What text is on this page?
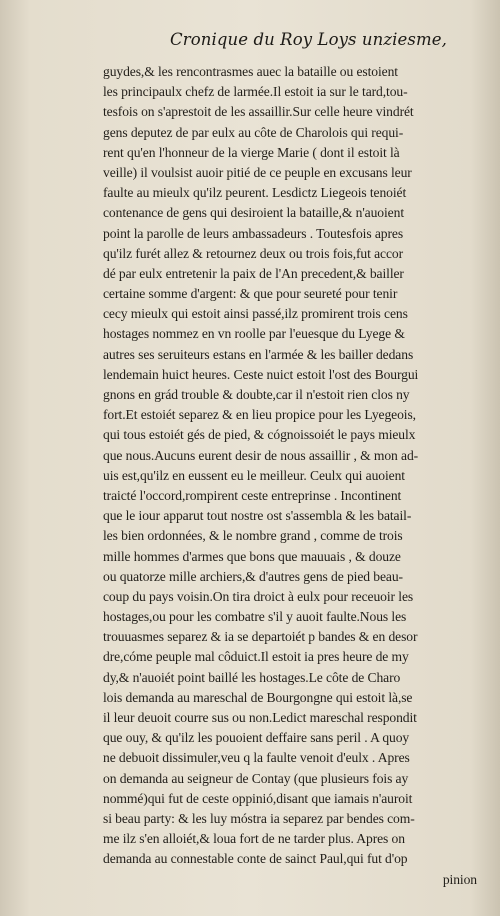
Cronique du Roy Loys unziesme,
guydes,& les rencontrasmes auec la bataille ou estoient
les principaulx chefz de larmée.Il estoit ia sur le tard,tou-
tesfois on s'aprestoit de les assaillir.Sur celle heure vindrét
gens deputez de par eulx au côte de Charolois qui requi-
rent qu'en l'honneur de la vierge Marie ( dont il estoit là
veille) il voulsist auoir pitié de ce peuple en excusans leur
faulte au mieulx qu'ilz peurent. Lesdictz Liegeois tenoiét
contenance de gens qui desiroient la bataille,& n'auoient
point la parolle de leurs ambassadeurs . Toutesfois apres
qu'ilz furét allez & retournez deux ou trois fois,fut accor
dé par eulx entretenir la paix de l'An precedent,& bailler
certaine somme d'argent: & que pour seureté pour tenir
cecy mieulx qui estoit ainsi passé,ilz promirent trois cens
hostages nommez en vn roolle par l'euesque du Lyege &
autres ses seruiteurs estans en l'armée & les bailler dedans
lendemain huict heures. Ceste nuict estoit l'ost des Bourgui
gnons en grád trouble & doubte,car il n'estoit rien clos ny
fort.Et estoiét separez & en lieu propice pour les Lyegeois,
qui tous estoiét gés de pied, & cógnoissoiét le pays mieulx
que nous.Aucuns eurent desir de nous assaillir , & mon ad-
uis est,qu'ilz en eussent eu le meilleur. Ceulx qui auoient
traicté l'occord,rompirent ceste entreprinse . Incontinent
que le iour apparut tout nostre ost s'assembla & les batail-
les bien ordonnées, & le nombre grand , comme de trois
mille hommes d'armes que bons que mauuais , & douze
ou quatorze mille archiers,& d'autres gens de pied beau-
coup du pays voisin.On tira droict à eulx pour receuoir les
hostages,ou pour les combatre s'il y auoit faulte.Nous les
trouuasmes separez & ia se departoiét p bandes & en desor
dre,cóme peuple mal côduict.Il estoit ia pres heure de my
dy,& n'auoiét point baillé les hostages.Le côte de Charo
lois demanda au mareschal de Bourgongne qui estoit là,se
il leur deuoit courre sus ou non.Ledict mareschal respondit
que ouy, & qu'ilz les pouoient deffaire sans peril . A quoy
ne debuoit dissimuler,veu q la faulte venoit d'eulx . Apres
on demanda au seigneur de Contay (que plusieurs fois ay
nommé)qui fut de ceste oppinió,disant que iamais n'auroit
si beau party: & les luy móstra ia separez par bendes com-
me ilz s'en alloiét,& loua fort de ne tarder plus. Apres on
demanda au connestable conte de sainct Paul,qui fut d'op
pinion
